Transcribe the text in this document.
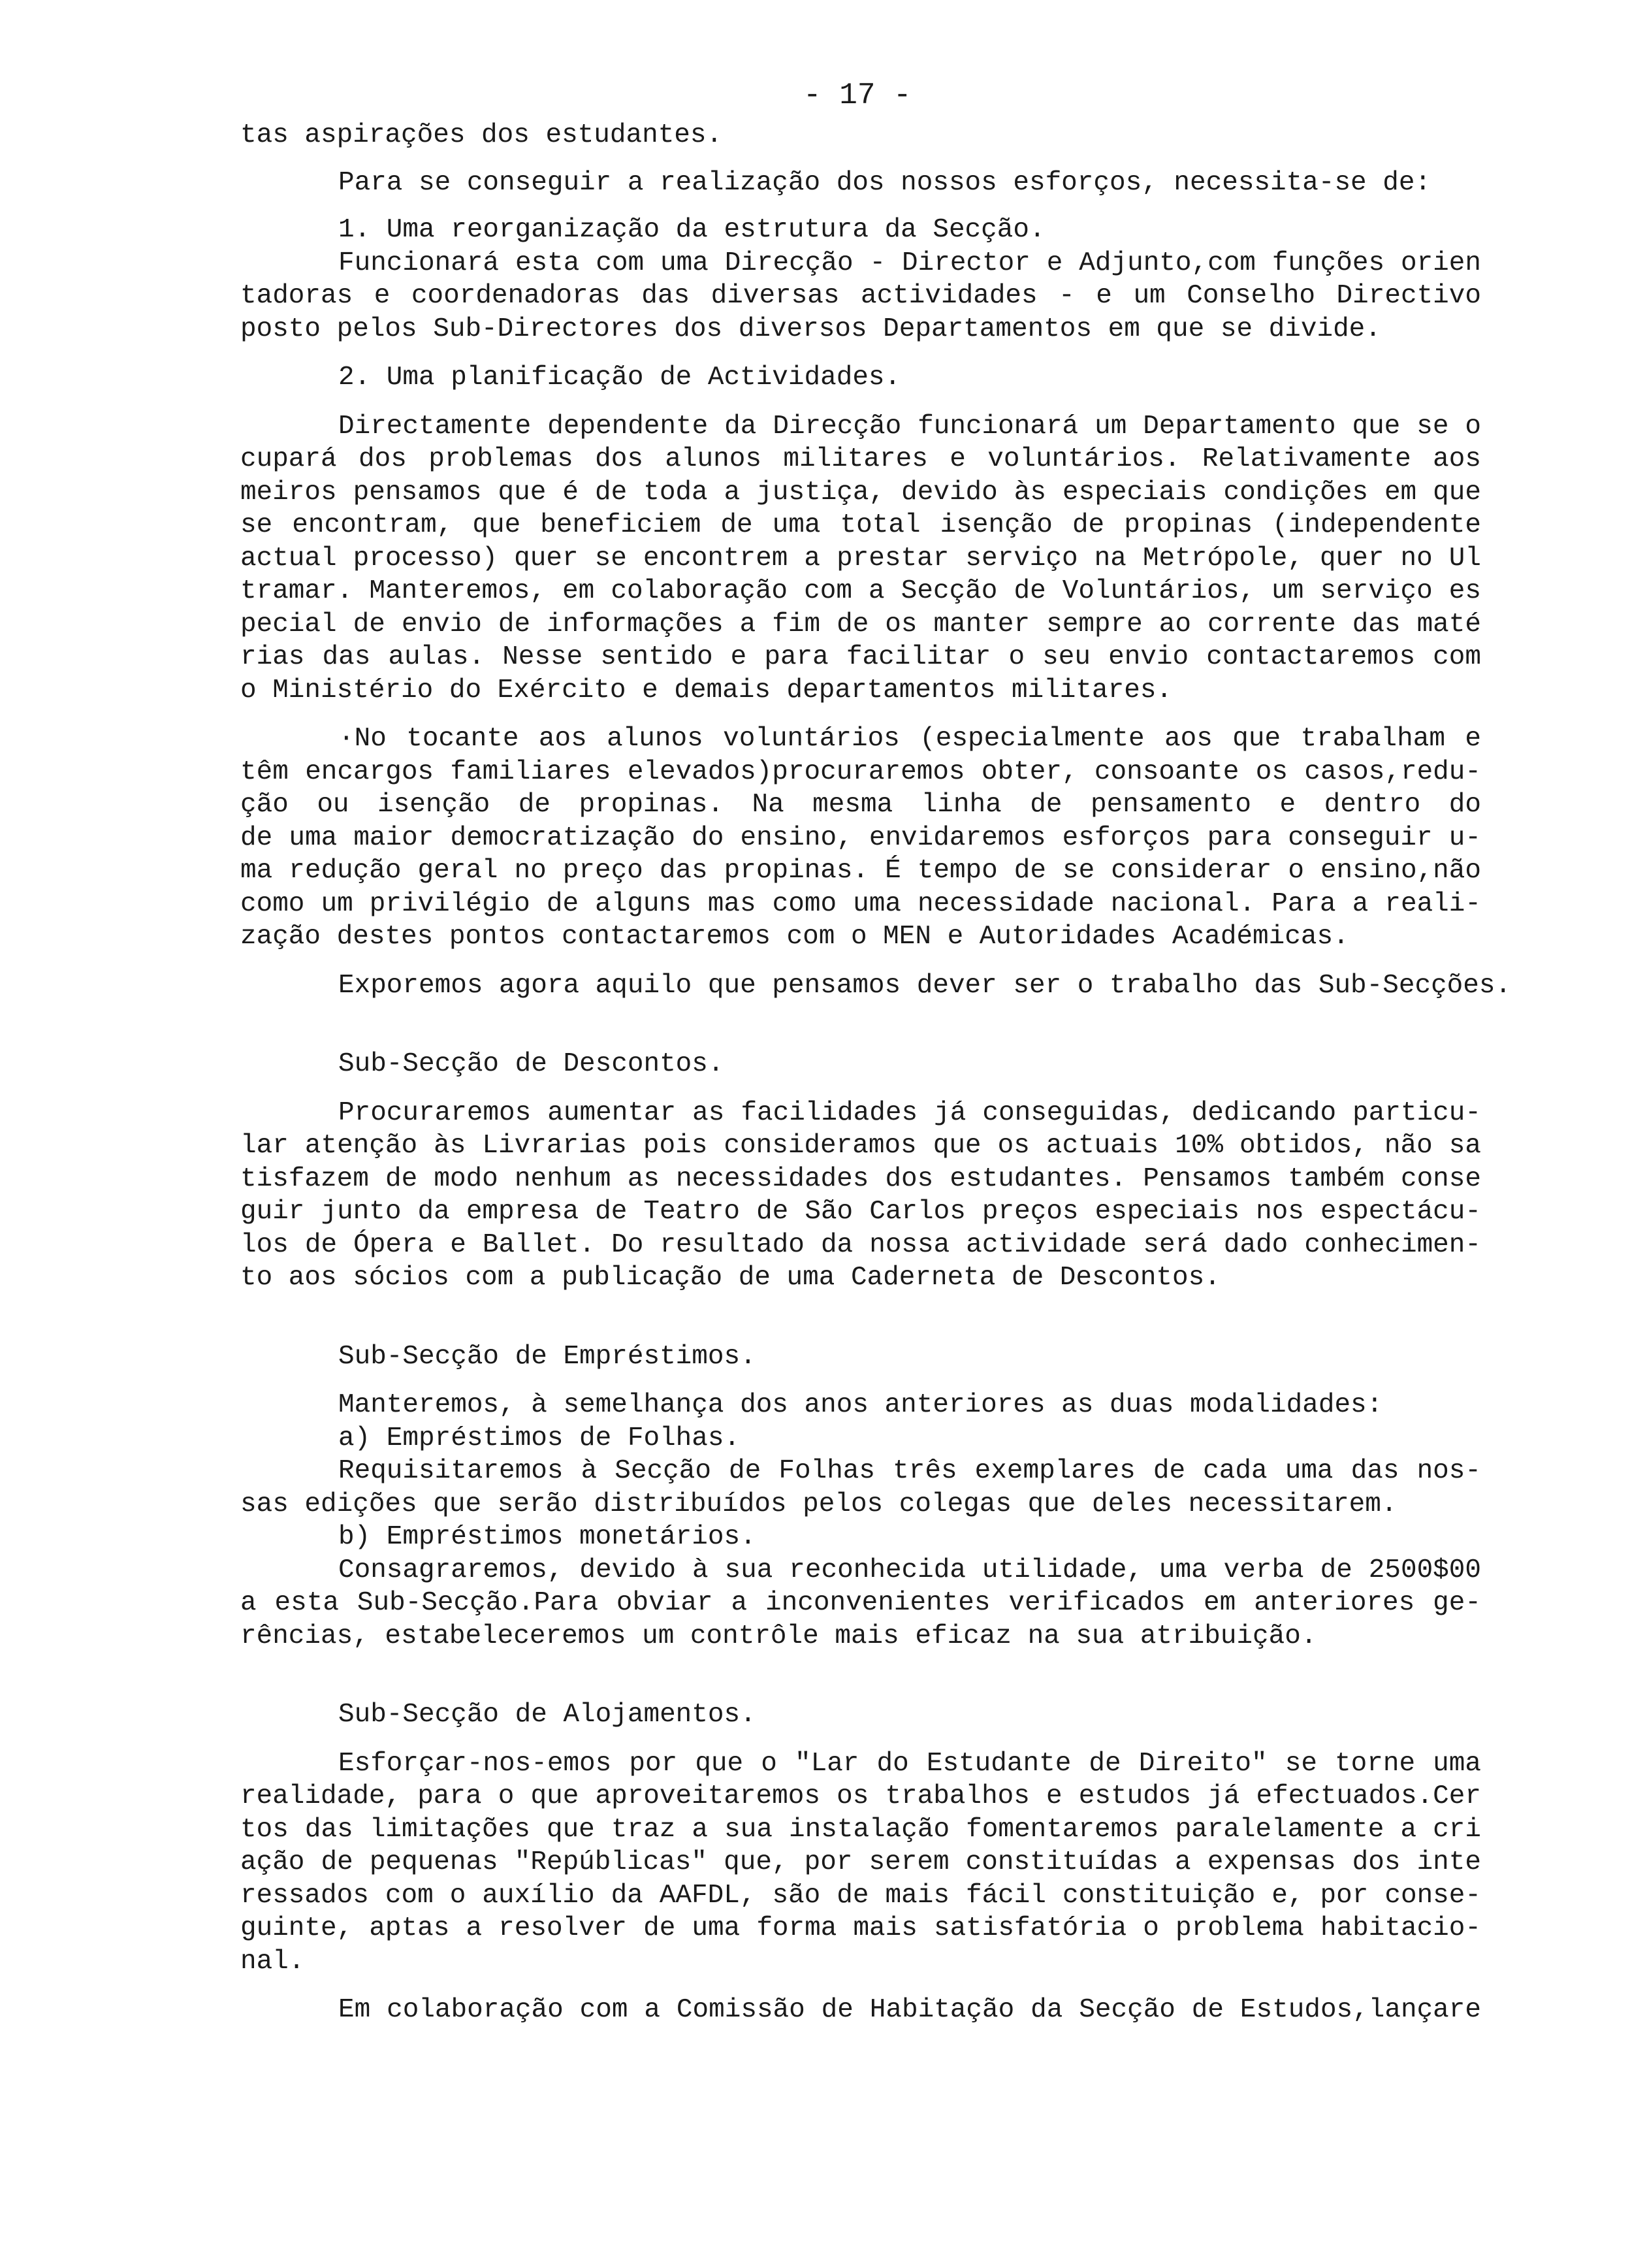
- 17 -
tas aspirações dos estudantes.
Para se conseguir a realização dos nossos esforços, necessita-se de:
1. Uma reorganização da estrutura da Secção.
Funcionará esta com uma Direcção - Director e Adjunto,com funções orien
tadoras e coordenadoras das diversas actividades - e um Conselho Directivo
posto pelos Sub-Directores dos diversos Departamentos em que se divide.
2. Uma planificação de Actividades.
Directamente dependente da Direcção funcionará um Departamento que se o
cupará dos problemas dos alunos militares e voluntários. Relativamente aos
meiros pensamos que é de toda a justiça, devido às especiais condições em que
se encontram, que beneficiem de uma total isenção de propinas (independente
actual processo) quer se encontrem a prestar serviço na Metrópole, quer no Ul
tramar. Manteremos, em colaboração com a Secção de Voluntários, um serviço es
pecial de envio de informações a fim de os manter sempre ao corrente das maté
rias das aulas. Nesse sentido e para facilitar o seu envio contactaremos com
o Ministério do Exército e demais departamentos militares.
·No tocante aos alunos voluntários (especialmente aos que trabalham e
têm encargos familiares elevados)procuraremos obter, consoante os casos,redu-
ção ou isenção de propinas. Na mesma linha de pensamento e dentro do
de uma maior democratização do ensino, envidaremos esforços para conseguir u-
ma redução geral no preço das propinas. É tempo de se considerar o ensino,não
como um privilégio de alguns mas como uma necessidade nacional. Para a reali-
zação destes pontos contactaremos com o MEN e Autoridades Académicas.
Exporemos agora aquilo que pensamos dever ser o trabalho das Sub-Secções.
Sub-Secção de Descontos.
Procuraremos aumentar as facilidades já conseguidas, dedicando particu-
lar atenção às Livrarias pois consideramos que os actuais 10% obtidos, não sa
tisfazem de modo nenhum as necessidades dos estudantes. Pensamos também conse
guir junto da empresa de Teatro de São Carlos preços especiais nos espectácu-
los de Ópera e Ballet. Do resultado da nossa actividade será dado conhecimen-
to aos sócios com a publicação de uma Caderneta de Descontos.
Sub-Secção de Empréstimos.
Manteremos, à semelhança dos anos anteriores as duas modalidades:
a) Empréstimos de Folhas.
Requisitaremos à Secção de Folhas três exemplares de cada uma das nos-
sas edições que serão distribuídos pelos colegas que deles necessitarem.
b) Empréstimos monetários.
Consagraremos, devido à sua reconhecida utilidade, uma verba de 2500$00
a esta Sub-Secção.Para obviar a inconvenientes verificados em anteriores ge-
rências, estabeleceremos um contrôle mais eficaz na sua atribuição.
Sub-Secção de Alojamentos.
Esforçar-nos-emos por que o "Lar do Estudante de Direito" se torne uma
realidade, para o que aproveitaremos os trabalhos e estudos já efectuados.Cer
tos das limitações que traz a sua instalação fomentaremos paralelamente a cri
ação de pequenas "Repúblicas" que, por serem constituídas a expensas dos inte
ressados com o auxílio da AAFDL, são de mais fácil constituição e, por conse-
guinte, aptas a resolver de uma forma mais satisfatória o problema habitacio-
nal.
Em colaboração com a Comissão de Habitação da Secção de Estudos,lançare
